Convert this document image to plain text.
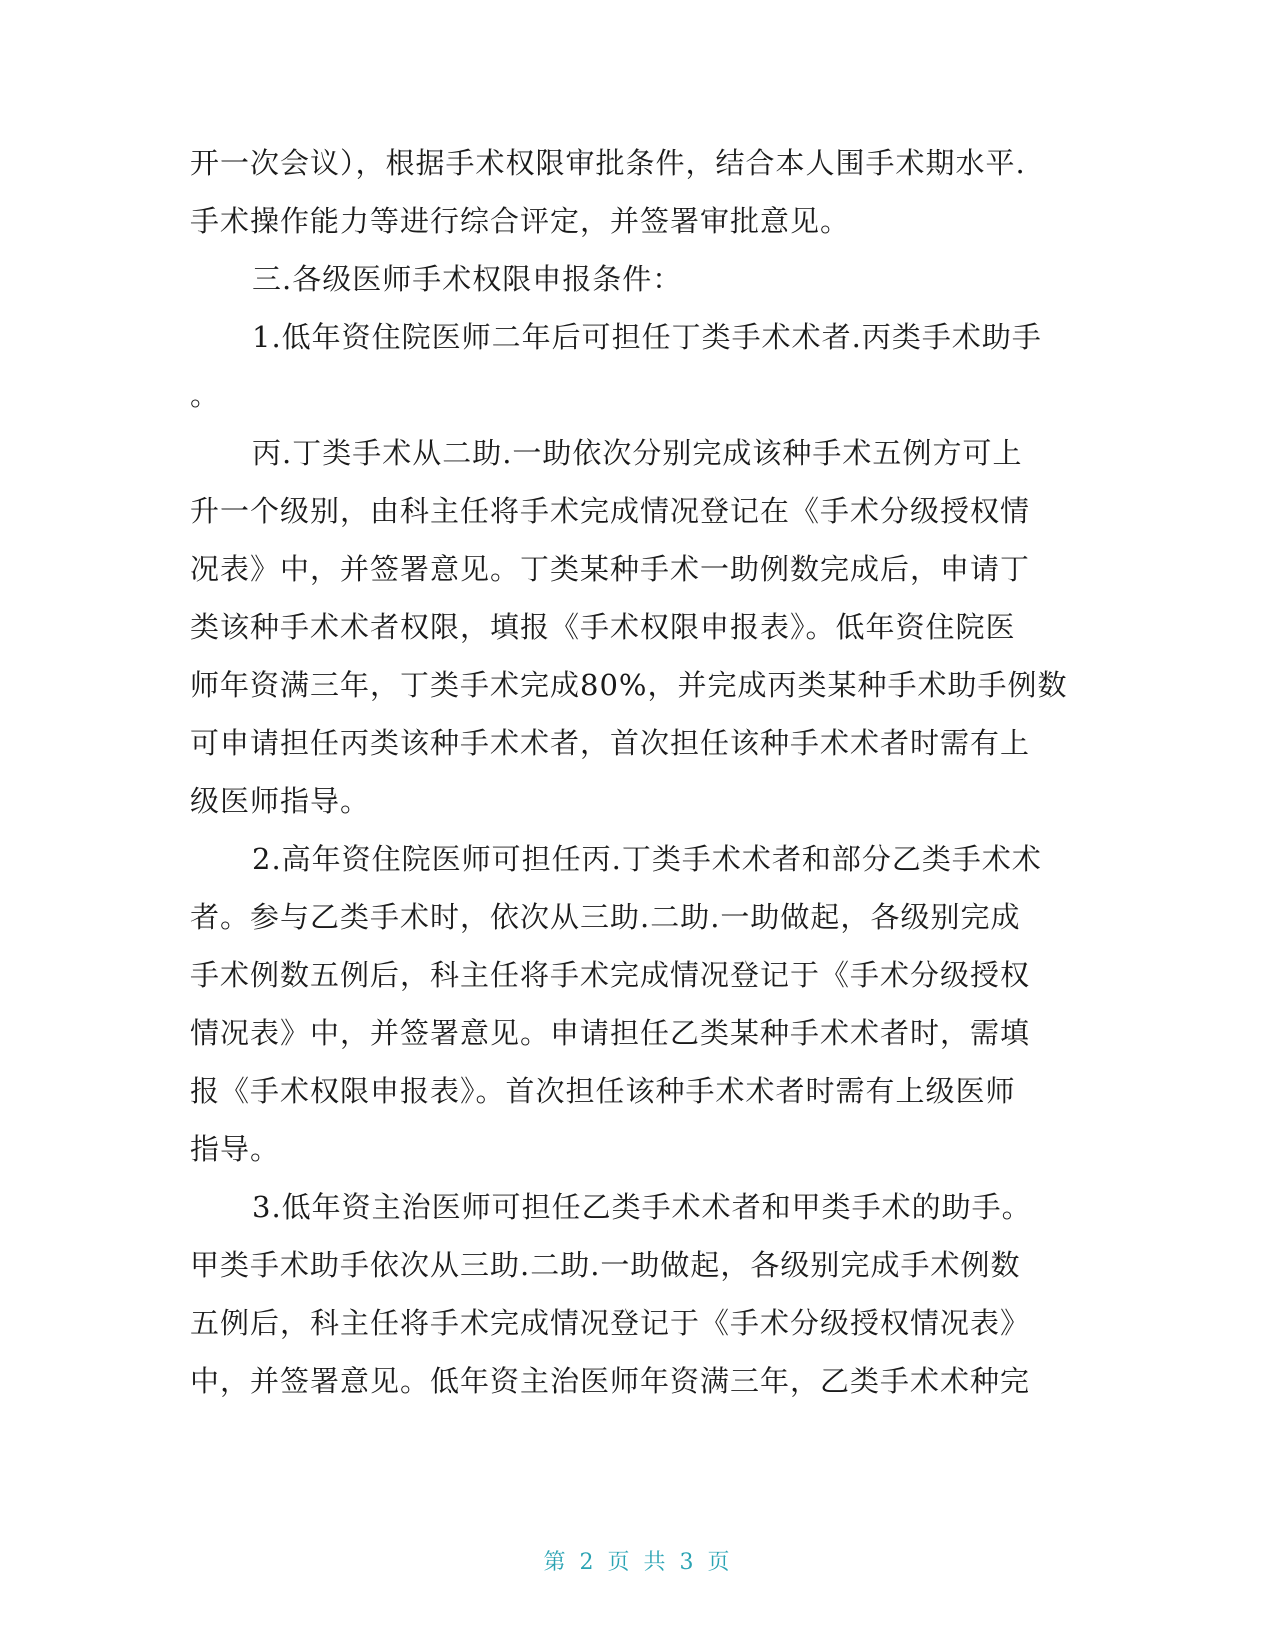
开一次会议），根据手术权限审批条件，结合本人围手术期水平.
手术操作能力等进行综合评定，并签署审批意见。
三.各级医师手术权限申报条件：
1.低年资住院医师二年后可担任丁类手术术者.丙类手术助手
。
丙.丁类手术从二助.一助依次分别完成该种手术五例方可上
升一个级别，由科主任将手术完成情况登记在《手术分级授权情
况表》中，并签署意见。丁类某种手术一助例数完成后，申请丁
类该种手术术者权限，填报《手术权限申报表》。低年资住院医
师年资满三年，丁类手术完成80%，并完成丙类某种手术助手例数
可申请担任丙类该种手术术者，首次担任该种手术术者时需有上
级医师指导。
2.高年资住院医师可担任丙.丁类手术术者和部分乙类手术术
者。参与乙类手术时，依次从三助.二助.一助做起，各级别完成
手术例数五例后，科主任将手术完成情况登记于《手术分级授权
情况表》中，并签署意见。申请担任乙类某种手术术者时，需填
报《手术权限申报表》。首次担任该种手术术者时需有上级医师
指导。
3.低年资主治医师可担任乙类手术术者和甲类手术的助手。
甲类手术助手依次从三助.二助.一助做起，各级别完成手术例数
五例后，科主任将手术完成情况登记于《手术分级授权情况表》
中，并签署意见。低年资主治医师年资满三年，乙类手术术种完
第 2 页 共 3 页
